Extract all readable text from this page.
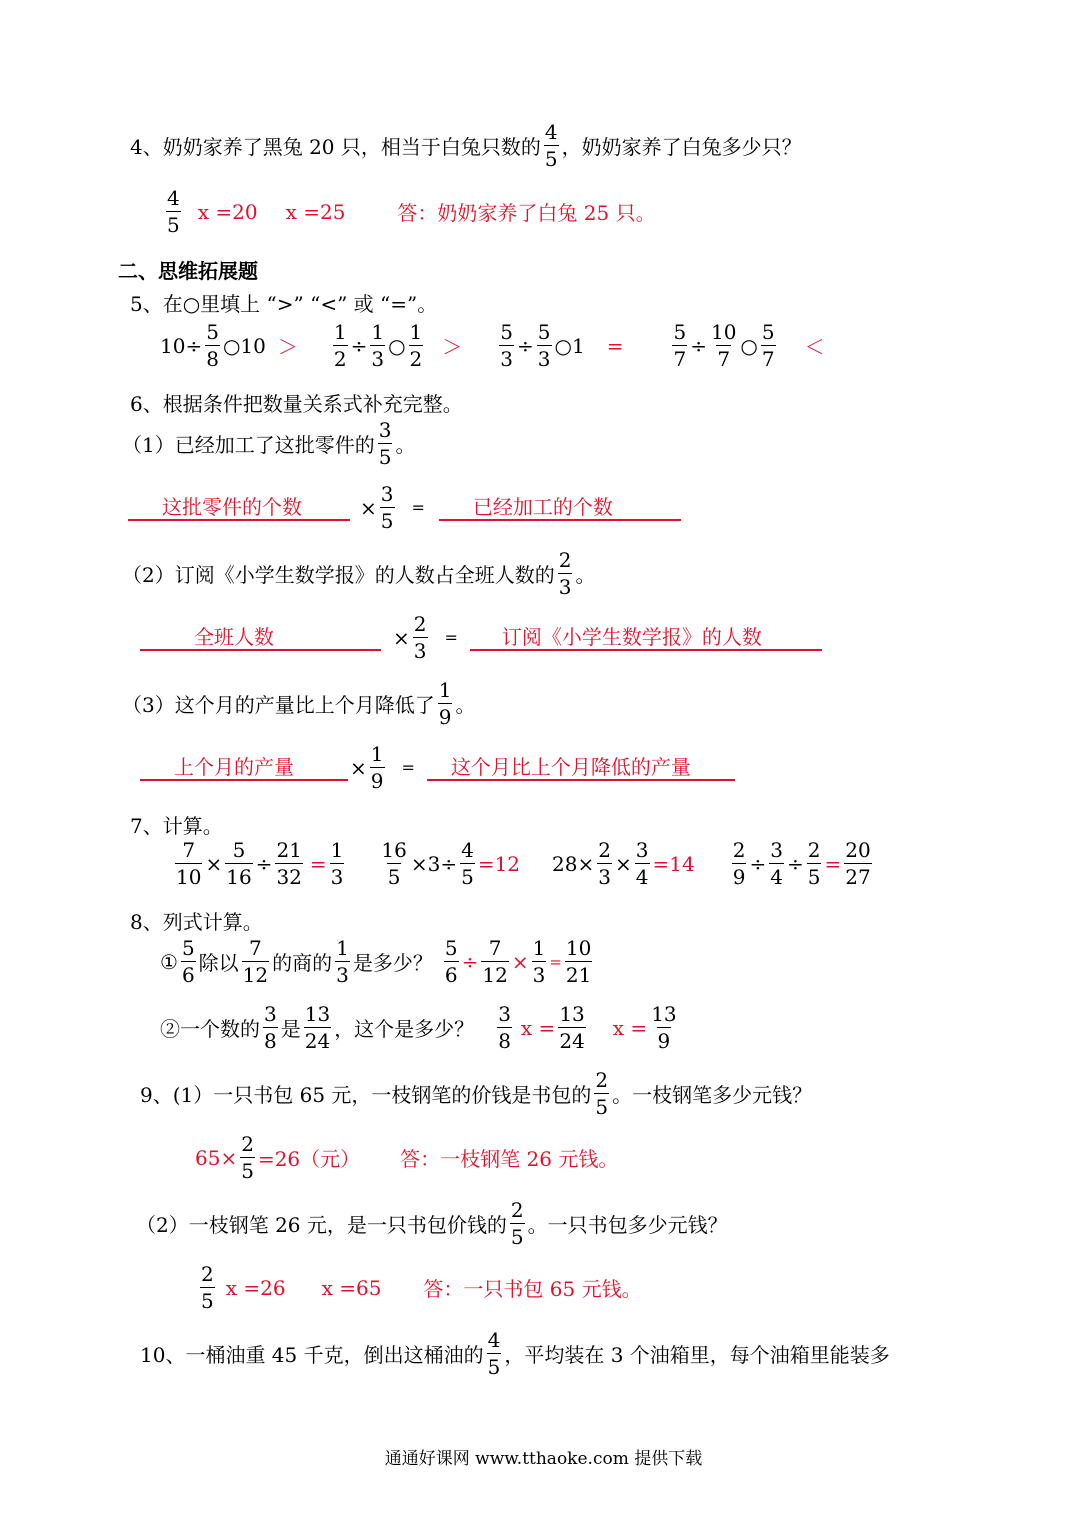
4、奶奶家养了黑兔 20 只，相当于白兔只数的 $\frac{4}{5}$ ，奶奶家养了白兔多少只？
$\frac{4}{5}$ x =20 x =25	答：奶奶家养了白兔 25 只。
二、思维拓展题
5、在○里填上 “>” “<” 或 “=”。
$10\div \frac{5}{8}$ ○10 ＞ $\frac{1}{2} \div \frac{1}{3}$ ○ $\frac{1}{2} > \frac{5}{3} \div \frac{5}{3}$ ○1 = $\frac{5}{7} \div \frac{10}{7}$ ○ $\frac{5}{7}$ ＜
6、根据条件把数量关系式补充完整。
（1）已经加工了这批零件的 $\frac{3}{5}$ 。
这批零件的个数	× $\frac{3}{5}$ =	已经加工的个数
（2）订阅《小学生数学报》的人数占全班人数的 $\frac{2}{3}$ 。
全班人数	× $\frac{2}{3}$ =	订阅《小学生数学报》的人数
（3）这个月的产量比上个月降低了 $\frac{1}{9}$ 。
上个月的产量	× $\frac{1}{9}$ =	这个月比上个月降低的产量
7、计算。
$\frac{7}{10} \times \frac{5}{16} \div \frac{21}{32} = \frac{1}{3} \frac{16}{5} \times 3\div \frac{4}{5} =12$ $28\times \frac{2}{3} \times \frac{3}{4} =14 \frac{2}{9} \div \frac{3}{4} \div \frac{2}{5} = \frac{20}{27}$
8、列式计算。
① $\frac{5}{6}$ 除以 $\frac{7}{12}$ 的商的 $\frac{1}{3}$ 是多少？ $\frac{5}{6} \div \frac{7}{12} \times \frac{1}{3} = \frac{10}{21}$
②一个数的 $\frac{3}{8}$ 是 $\frac{13}{24}$ ，这个是多少？ $\frac{3}{8}$ $x = \frac{13}{24}$ $x = \frac{13}{9}$
9、(1）一只书包 65 元，一枝钢笔的价钱是书包的 $\frac{2}{5}$ 。一枝钢笔多少元钱？
$65\times \frac{2}{5} =26$（元） 答：一枝钢笔 26 元钱。
（2）一枝钢笔 26 元，是一只书包价钱的 $\frac{2}{5}$ 。一只书包多少元钱？
$\frac{2}{5}$ x =26 x =65 答：一只书包 65 元钱。
10、一桶油重 45 千克，倒出这桶油的 $\frac{4}{5}$ ，平均装在 3 个油箱里，每个油箱里能装多
通通好课网 www.tthaoke.com 提供下载
